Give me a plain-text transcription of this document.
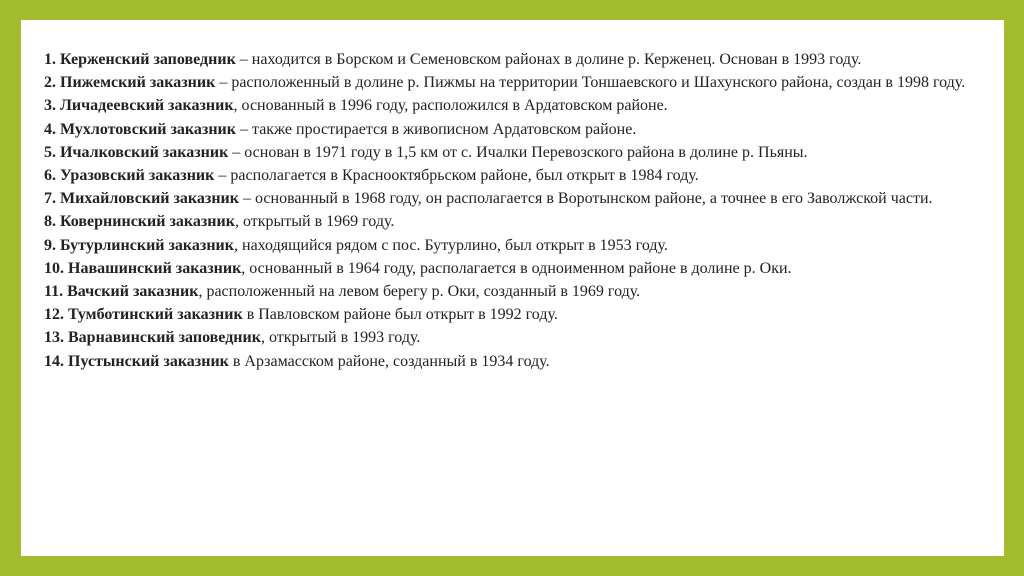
1. Керженский заповедник – находится в Борском и Семеновском районах в долине р. Керженец. Основан в 1993 году.

2. Пижемский заказник – расположенный в долине р. Пижмы на территории Тоншаевского и Шахунского района, создан в 1998 году.

3. Личадеевский заказник, основанный в 1996 году, расположился в Ардатовском районе.

4. Мухлотовский заказник – также простирается в живописном Ардатовском районе.

5. Ичалковский заказник – основан в 1971 году в 1,5 км от с. Ичалки Перевозского района в долине р. Пьяны.

6. Уразовский заказник – располагается в Краснооктябрьском районе, был открыт в 1984 году.

7. Михайловский заказник – основанный в 1968 году, он располагается в Воротынском районе, а точнее в его Заволжской части.

8. Ковернинский заказник, открытый в 1969 году.

9. Бутурлинский заказник, находящийся рядом с пос. Бутурлино, был открыт в 1953 году.

10. Навашинский заказник, основанный в 1964 году, располагается в одноименном районе в долине р. Оки.

11. Вачский заказник, расположенный на левом берегу р. Оки, созданный в 1969 году.

12. Тумботинский заказник в Павловском районе был открыт в 1992 году.

13. Варнавинский заповедник, открытый в 1993 году.

14. Пустынский заказник в Арзамасском районе, созданный в 1934 году.
